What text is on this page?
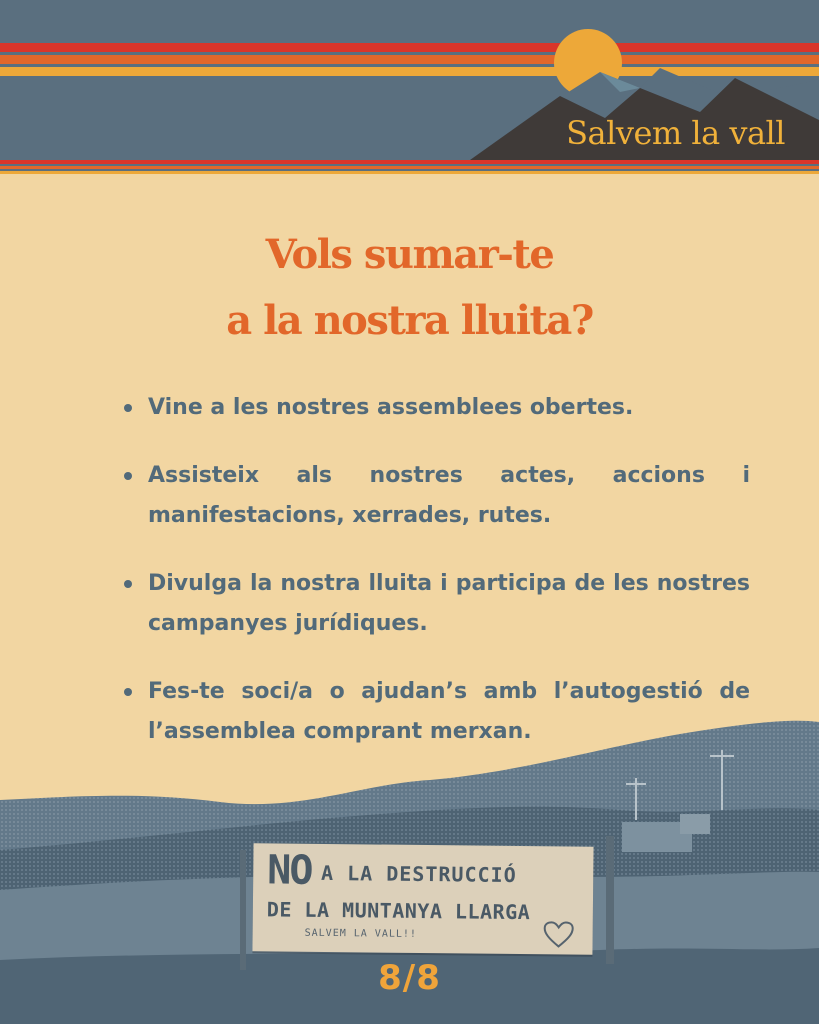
Salvem la vall
Vols sumar-te
a la nostra lluita?
Vine a les nostres assemblees obertes.
Assisteix als nostres actes, accions i manifestacions, xerrades, rutes.
Divulga la nostra lluita i participa de les nostres campanyes jurídiques.
Fes-te soci/a o ajudan’s amb l’autogestió de l’assemblea comprant merxan.
NO A LA DESTRUCCIÓ
DE LA MUNTANYA LLARGA
SALVEM LA VALL!!
8/8
